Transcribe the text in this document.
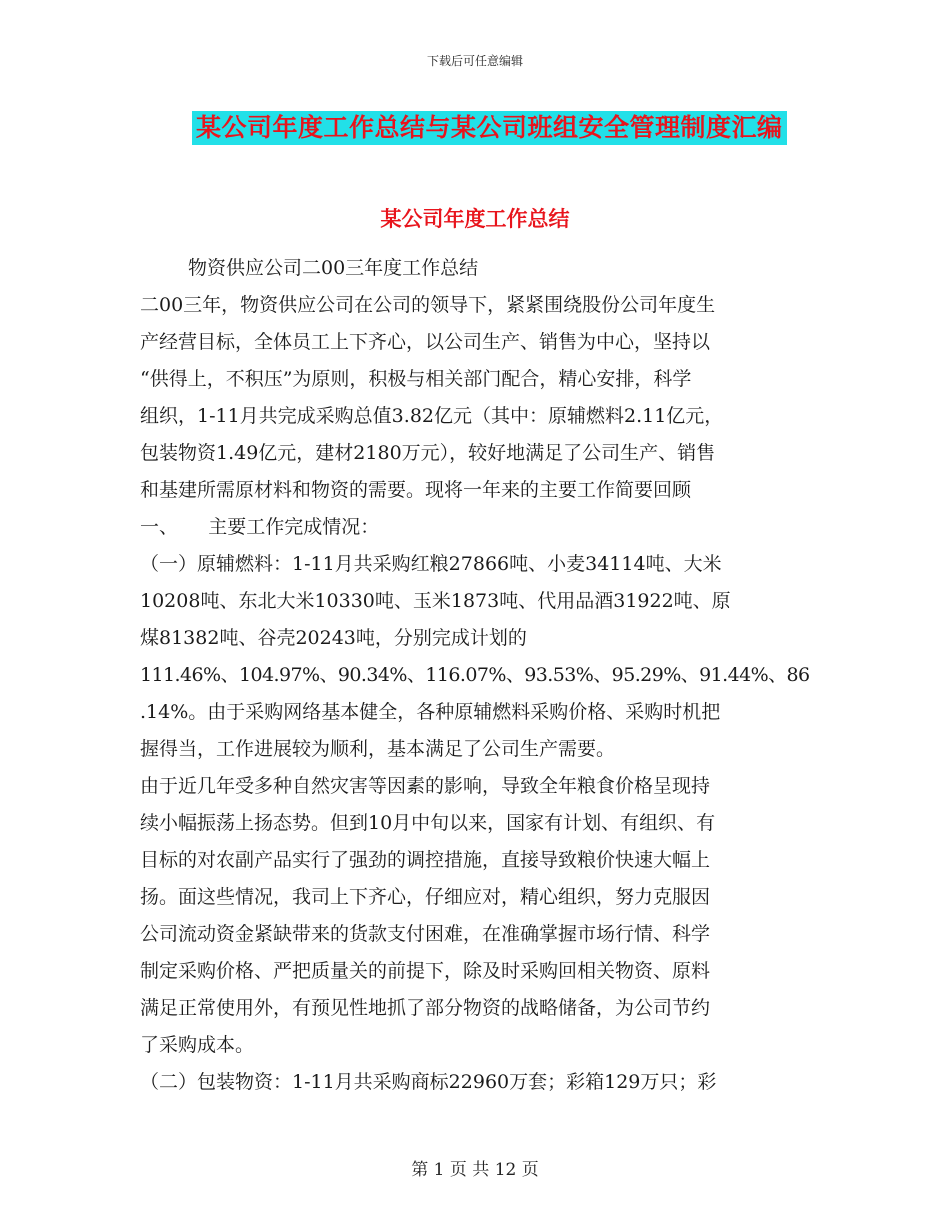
下载后可任意编辑
某公司年度工作总结与某公司班组安全管理制度汇编
某公司年度工作总结
物资供应公司二00三年度工作总结
二00三年，物资供应公司在公司的领导下，紧紧围绕股份公司年度生
产经营目标，全体员工上下齐心，以公司生产、销售为中心，坚持以
“供得上，不积压”为原则，积极与相关部门配合，精心安排，科学
组织，1-11月共完成采购总值3.82亿元（其中：原辅燃料2.11亿元，
包装物资1.49亿元，建材2180万元），较好地满足了公司生产、销售
和基建所需原材料和物资的需要。现将一年来的主要工作简要回顾
一、     主要工作完成情况：
（一）原辅燃料：1-11月共采购红粮27866吨、小麦34114吨、大米
10208吨、东北大米10330吨、玉米1873吨、代用品酒31922吨、原
煤81382吨、谷壳20243吨，分别完成计划的
111.46%、104.97%、90.34%、116.07%、93.53%、95.29%、91.44%、86
.14%。由于采购网络基本健全，各种原辅燃料采购价格、采购时机把
握得当，工作进展较为顺利，基本满足了公司生产需要。
由于近几年受多种自然灾害等因素的影响，导致全年粮食价格呈现持
续小幅振荡上扬态势。但到10月中旬以来，国家有计划、有组织、有
目标的对农副产品实行了强劲的调控措施，直接导致粮价快速大幅上
扬。面这些情况，我司上下齐心，仔细应对，精心组织，努力克服因
公司流动资金紧缺带来的货款支付困难，在准确掌握市场行情、科学
制定采购价格、严把质量关的前提下，除及时采购回相关物资、原料
满足正常使用外，有预见性地抓了部分物资的战略储备，为公司节约
了采购成本。
（二）包装物资：1-11月共采购商标22960万套；彩箱129万只；彩
第 1 页 共 12 页
